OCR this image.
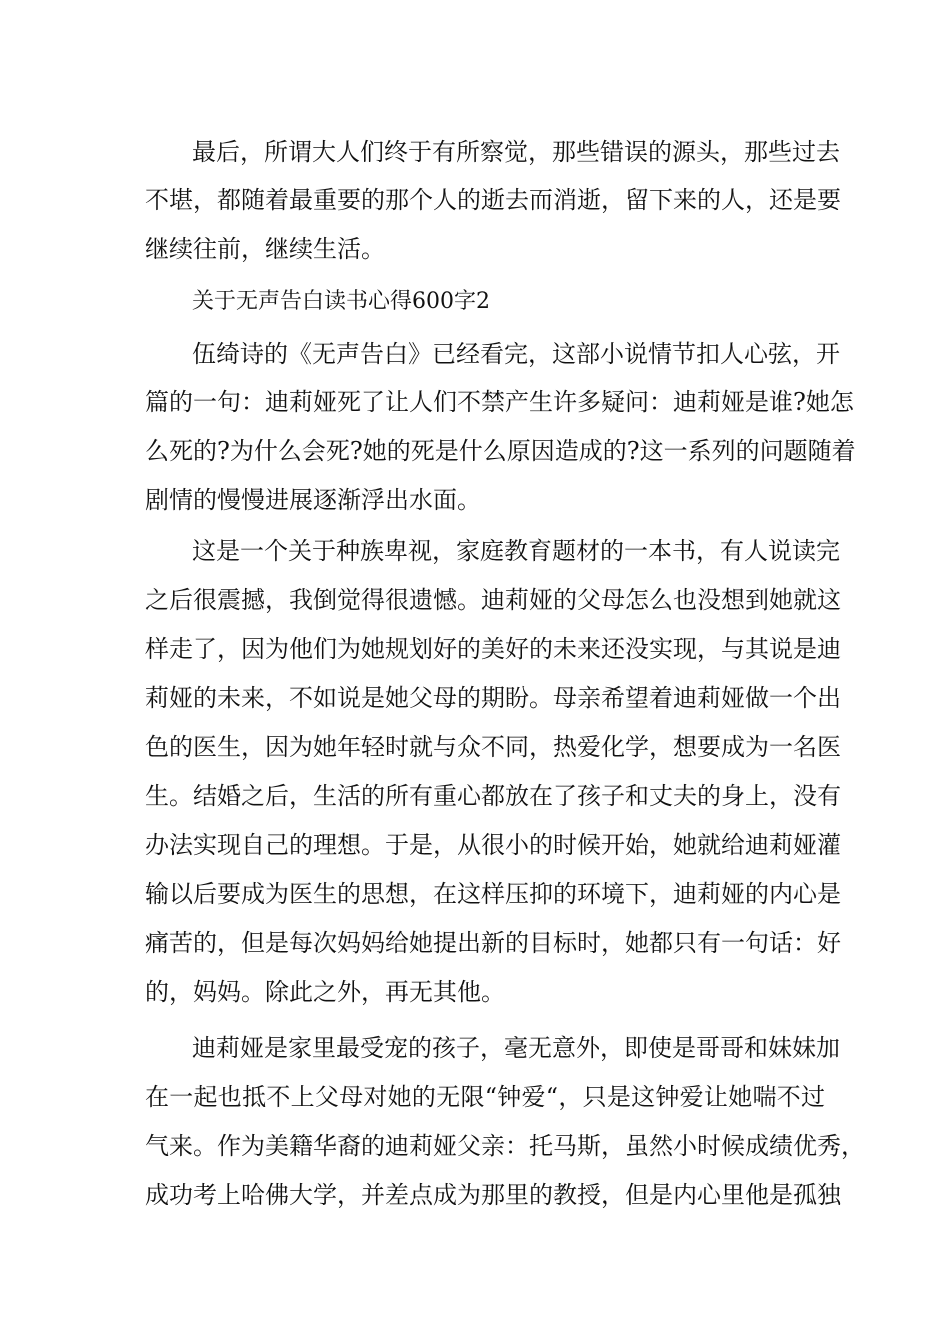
最后，所谓大人们终于有所察觉，那些错误的源头，那些过去
不堪，都随着最重要的那个人的逝去而消逝，留下来的人，还是要
继续往前，继续生活。
关于无声告白读书心得600字2
伍绮诗的《无声告白》已经看完，这部小说情节扣人心弦，开
篇的一句：迪莉娅死了让人们不禁产生许多疑问：迪莉娅是谁?她怎
么死的?为什么会死?她的死是什么原因造成的?这一系列的问题随着
剧情的慢慢进展逐渐浮出水面。
这是一个关于种族卑视，家庭教育题材的一本书，有人说读完
之后很震撼，我倒觉得很遗憾。迪莉娅的父母怎么也没想到她就这
样走了，因为他们为她规划好的美好的未来还没实现，与其说是迪
莉娅的未来，不如说是她父母的期盼。母亲希望着迪莉娅做一个出
色的医生，因为她年轻时就与众不同，热爱化学，想要成为一名医
生。结婚之后，生活的所有重心都放在了孩子和丈夫的身上，没有
办法实现自己的理想。于是，从很小的时候开始，她就给迪莉娅灌
输以后要成为医生的思想，在这样压抑的环境下，迪莉娅的内心是
痛苦的，但是每次妈妈给她提出新的目标时，她都只有一句话：好
的，妈妈。除此之外，再无其他。
迪莉娅是家里最受宠的孩子，毫无意外，即使是哥哥和妹妹加
在一起也抵不上父母对她的无限“钟爱“，只是这钟爱让她喘不过
气来。作为美籍华裔的迪莉娅父亲：托马斯，虽然小时候成绩优秀，
成功考上哈佛大学，并差点成为那里的教授，但是内心里他是孤独
